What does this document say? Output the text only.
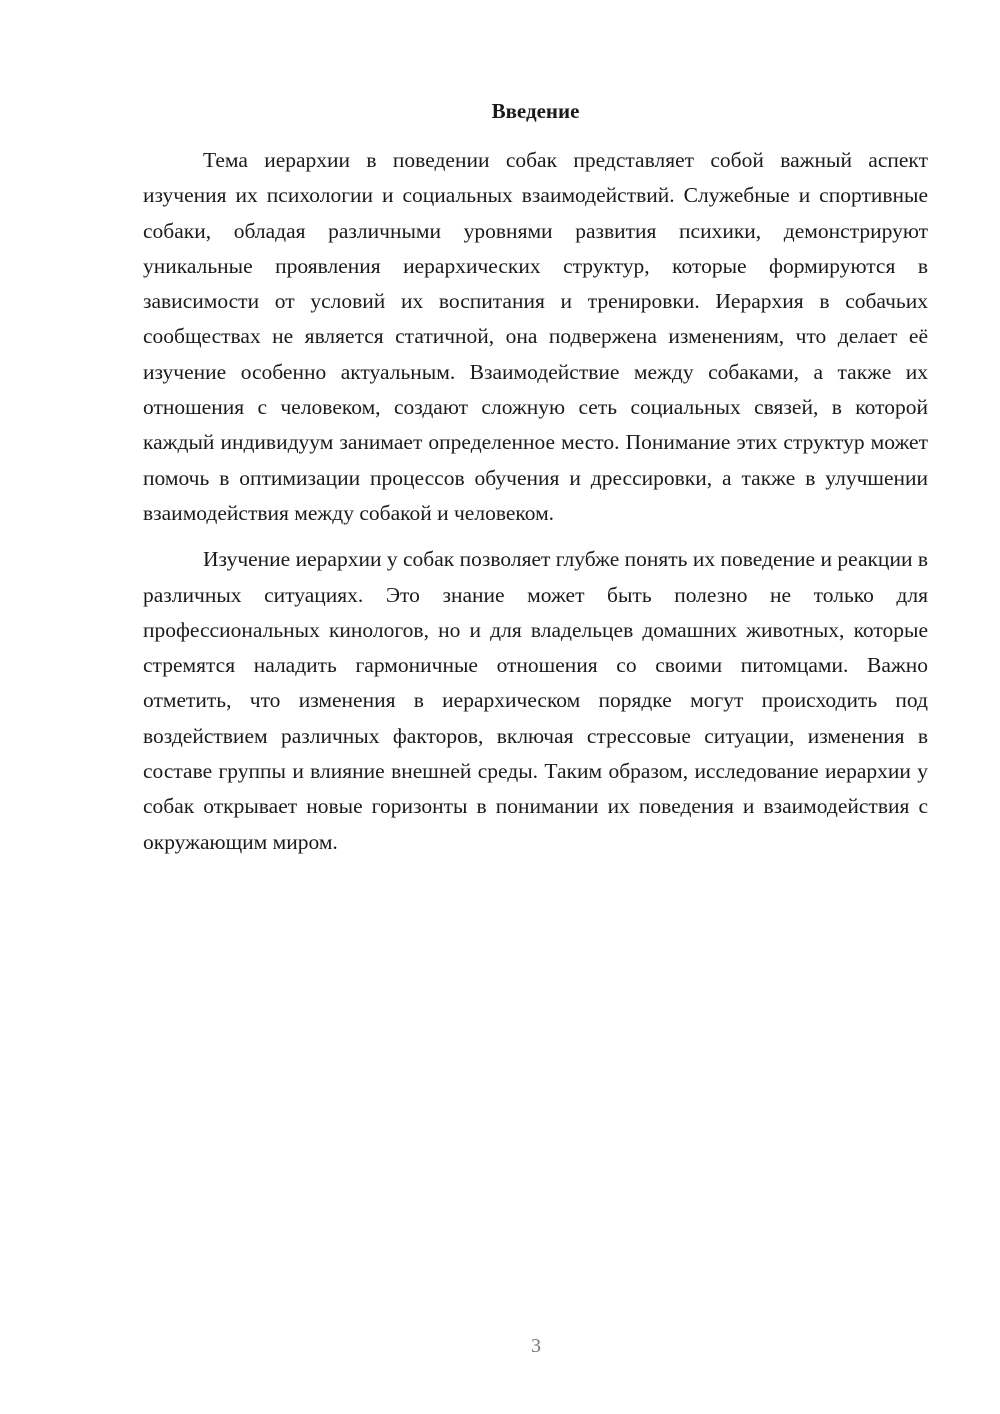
Введение

Тема иерархии в поведении собак представляет собой важный аспект изучения их психологии и социальных взаимодействий. Служебные и спортивные собаки, обладая различными уровнями развития психики, демонстрируют уникальные проявления иерархических структур, которые формируются в зависимости от условий их воспитания и тренировки. Иерархия в собачьих сообществах не является статичной, она подвержена изменениям, что делает её изучение особенно актуальным. Взаимодействие между собаками, а также их отношения с человеком, создают сложную сеть социальных связей, в которой каждый индивидуум занимает определенное место. Понимание этих структур может помочь в оптимизации процессов обучения и дрессировки, а также в улучшении взаимодействия между собакой и человеком.

Изучение иерархии у собак позволяет глубже понять их поведение и реакции в различных ситуациях. Это знание может быть полезно не только для профессиональных кинологов, но и для владельцев домашних животных, которые стремятся наладить гармоничные отношения со своими питомцами. Важно отметить, что изменения в иерархическом порядке могут происходить под воздействием различных факторов, включая стрессовые ситуации, изменения в составе группы и влияние внешней среды. Таким образом, исследование иерархии у собак открывает новые горизонты в понимании их поведения и взаимодействия с окружающим миром.

3
